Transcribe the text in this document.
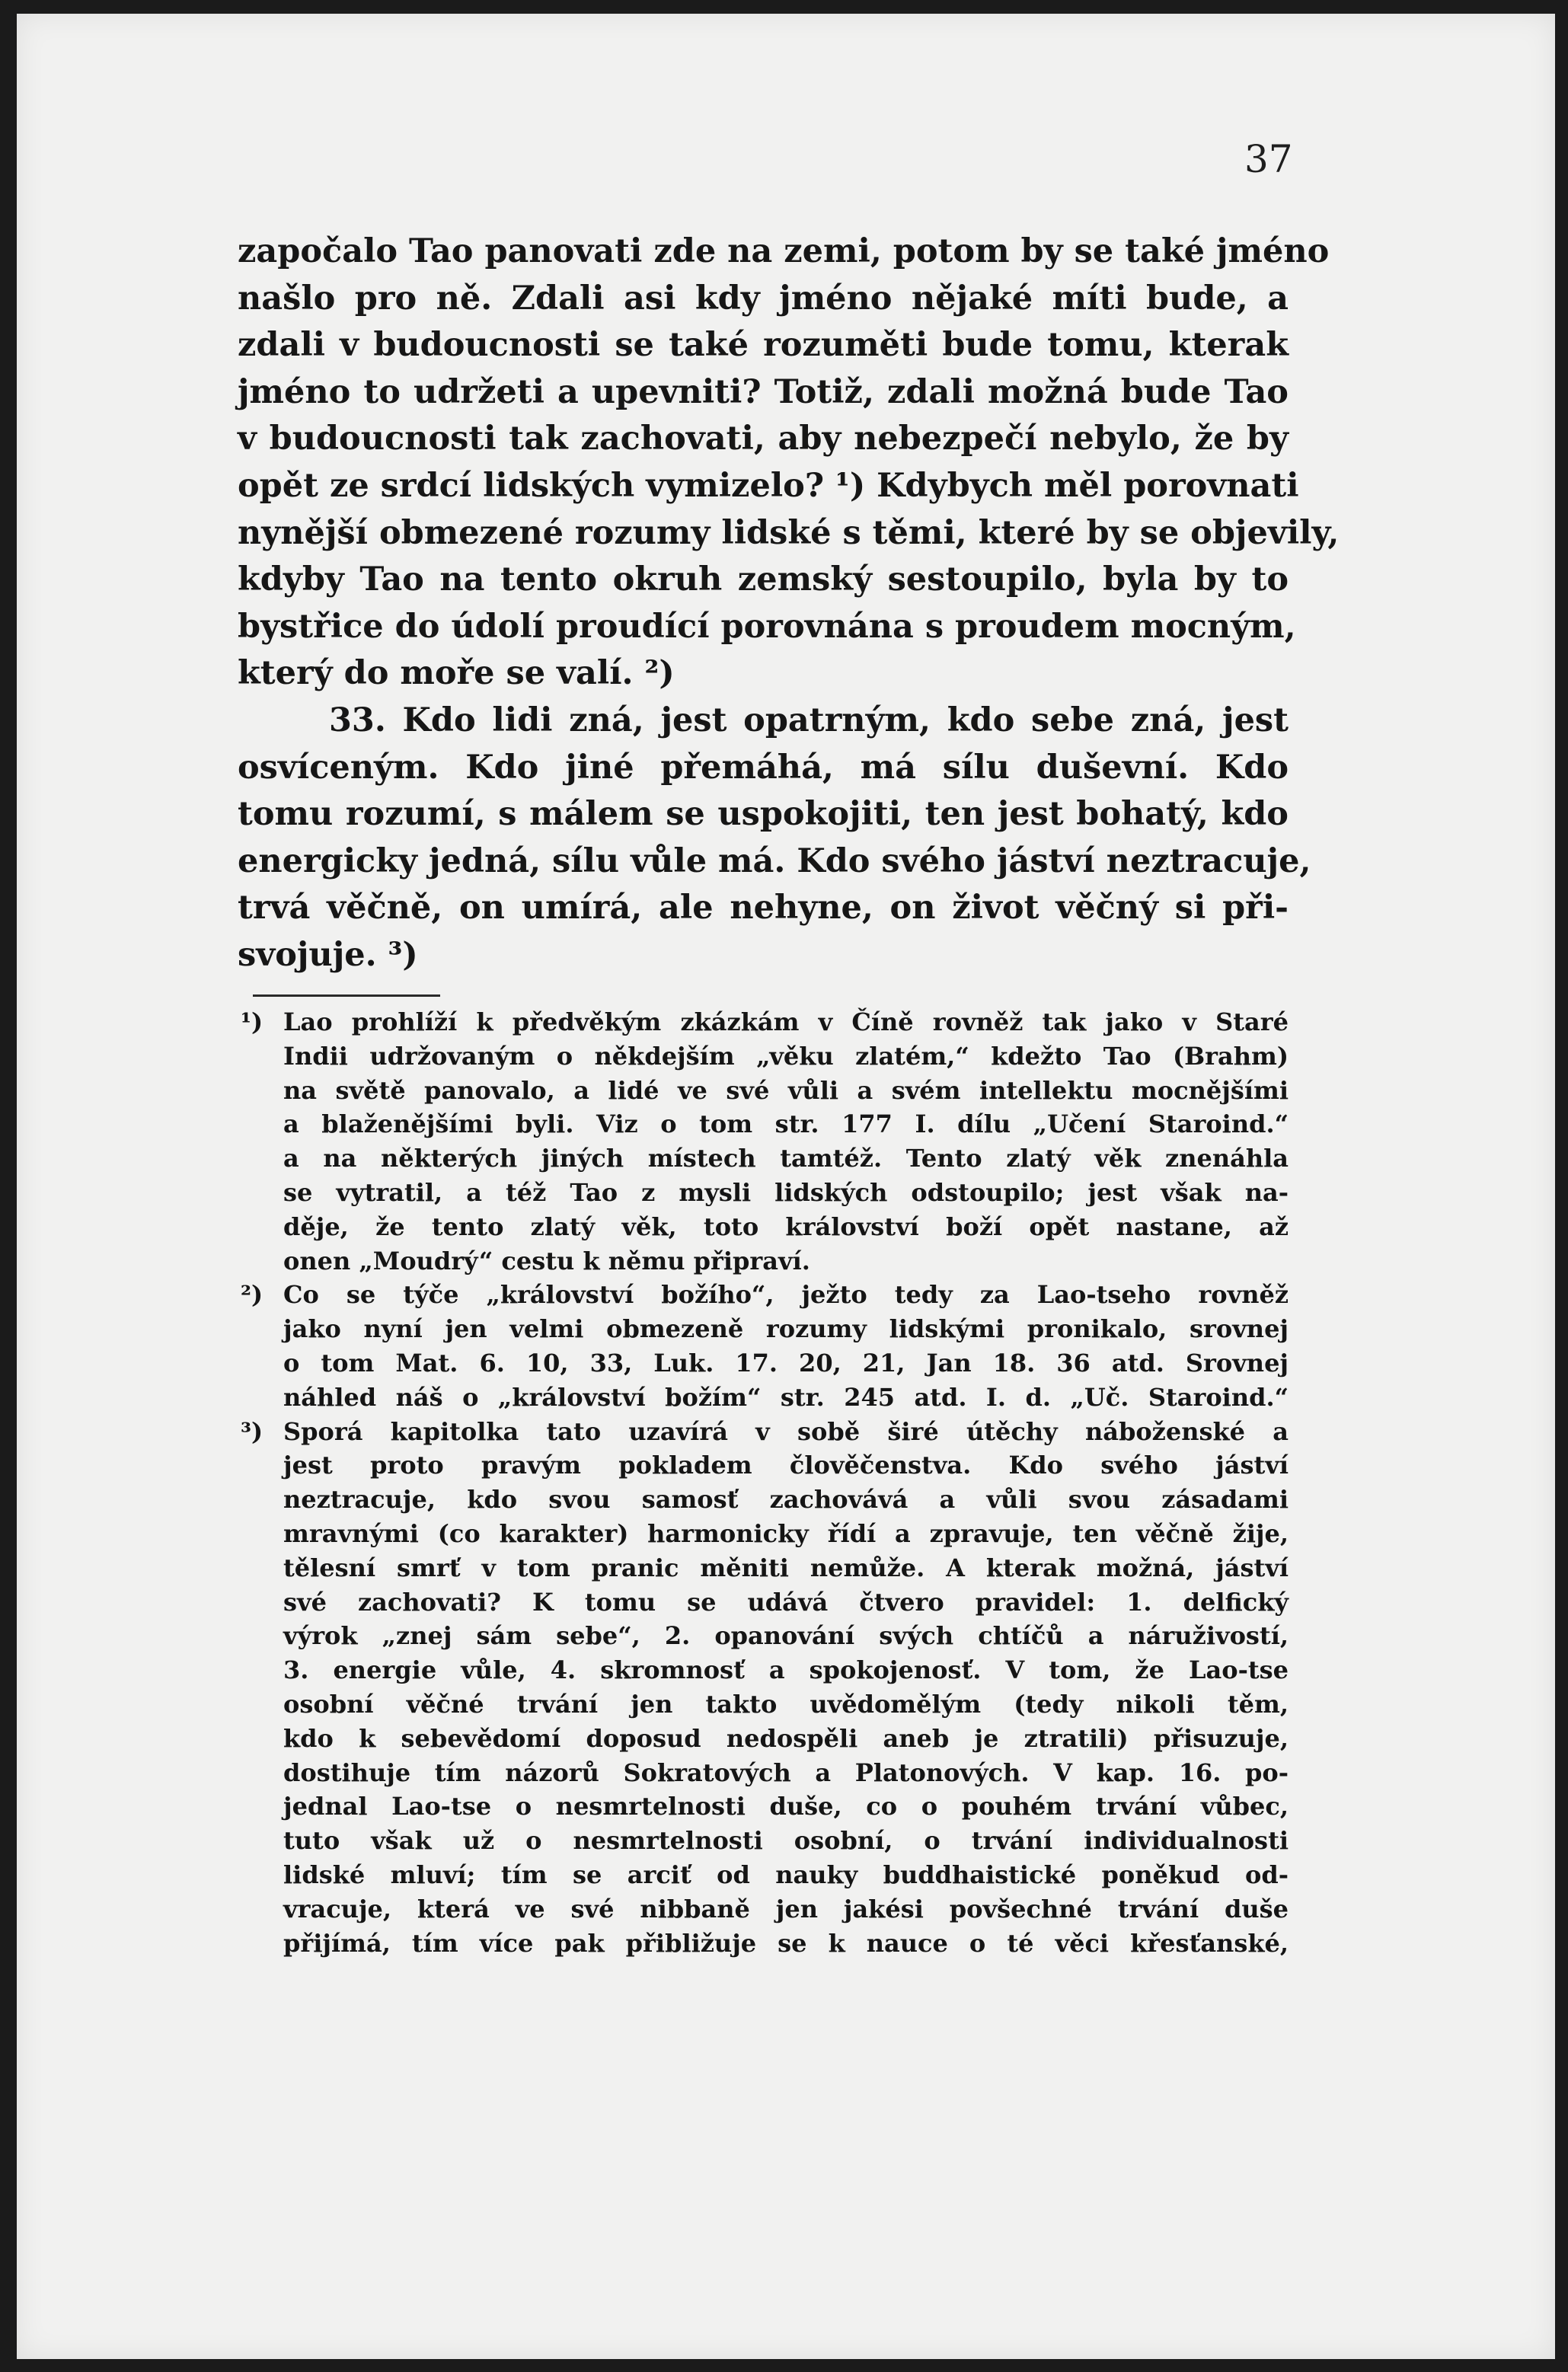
37
započalo Tao panovati zde na zemi, potom by se také jméno
našlo pro ně. Zdali asi kdy jméno nějaké míti bude, a
zdali v budoucnosti se také rozuměti bude tomu, kterak
jméno to udržeti a upevniti? Totiž, zdali možná bude Tao
v budoucnosti tak zachovati, aby nebezpečí nebylo, že by
opět ze srdcí lidských vymizelo? ¹) Kdybych měl porovnati
nynější obmezené rozumy lidské s těmi, které by se objevily,
kdyby Tao na tento okruh zemský sestoupilo, byla by to
bystřice do údolí proudící porovnána s proudem mocným,
který do moře se valí. ²)
33. Kdo lidi zná, jest opatrným, kdo sebe zná, jest
osvíceným. Kdo jiné přemáhá, má sílu duševní. Kdo
tomu rozumí, s málem se uspokojiti, ten jest bohatý, kdo
energicky jedná, sílu vůle má. Kdo svého jáství neztracuje,
trvá věčně, on umírá, ale nehyne, on život věčný si při-
svojuje. ³)
¹) Lao prohlíží k předvěkým zkázkám v Číně rovněž tak jako v Staré
Indii udržovaným o někdejším „věku zlatém,“ kdežto Tao (Brahm)
na světě panovalo, a lidé ve své vůli a svém intellektu mocnějšími
a blaženějšími byli. Viz o tom str. 177 I. dílu „Učení Staroind.“
a na některých jiných místech tamtéž. Tento zlatý věk znenáhla
se vytratil, a též Tao z mysli lidských odstoupilo; jest však na-
děje, že tento zlatý věk, toto království boží opět nastane, až
onen „Moudrý“ cestu k němu připraví.
²) Co se týče „království božího“, ježto tedy za Lao-tseho rovněž
jako nyní jen velmi obmezeně rozumy lidskými pronikalo, srovnej
o tom Mat. 6. 10, 33, Luk. 17. 20, 21, Jan 18. 36 atd. Srovnej
náhled náš o „království božím“ str. 245 atd. I. d. „Uč. Staroind.“
³) Sporá kapitolka tato uzavírá v sobě širé útěchy náboženské a
jest proto pravým pokladem člověčenstva. Kdo svého jáství
neztracuje, kdo svou samosť zachovává a vůli svou zásadami
mravnými (co karakter) harmonicky řídí a zpravuje, ten věčně žije,
tělesní smrť v tom pranic měniti nemůže. A kterak možná, jáství
své zachovati? K tomu se udává čtvero pravidel: 1. delfický
výrok „znej sám sebe“, 2. opanování svých chtíčů a náruživostí,
3. energie vůle, 4. skromnosť a spokojenosť. V tom, že Lao-tse
osobní věčné trvání jen takto uvědomělým (tedy nikoli těm,
kdo k sebevědomí doposud nedospěli aneb je ztratili) přisuzuje,
dostihuje tím názorů Sokratových a Platonových. V kap. 16. po-
jednal Lao-tse o nesmrtelnosti duše, co o pouhém trvání vůbec,
tuto však už o nesmrtelnosti osobní, o trvání individualnosti
lidské mluví; tím se arciť od nauky buddhaistické poněkud od-
vracuje, která ve své nibbaně jen jakési povšechné trvání duše
přijímá, tím více pak přibližuje se k nauce o té věci křesťanské,
